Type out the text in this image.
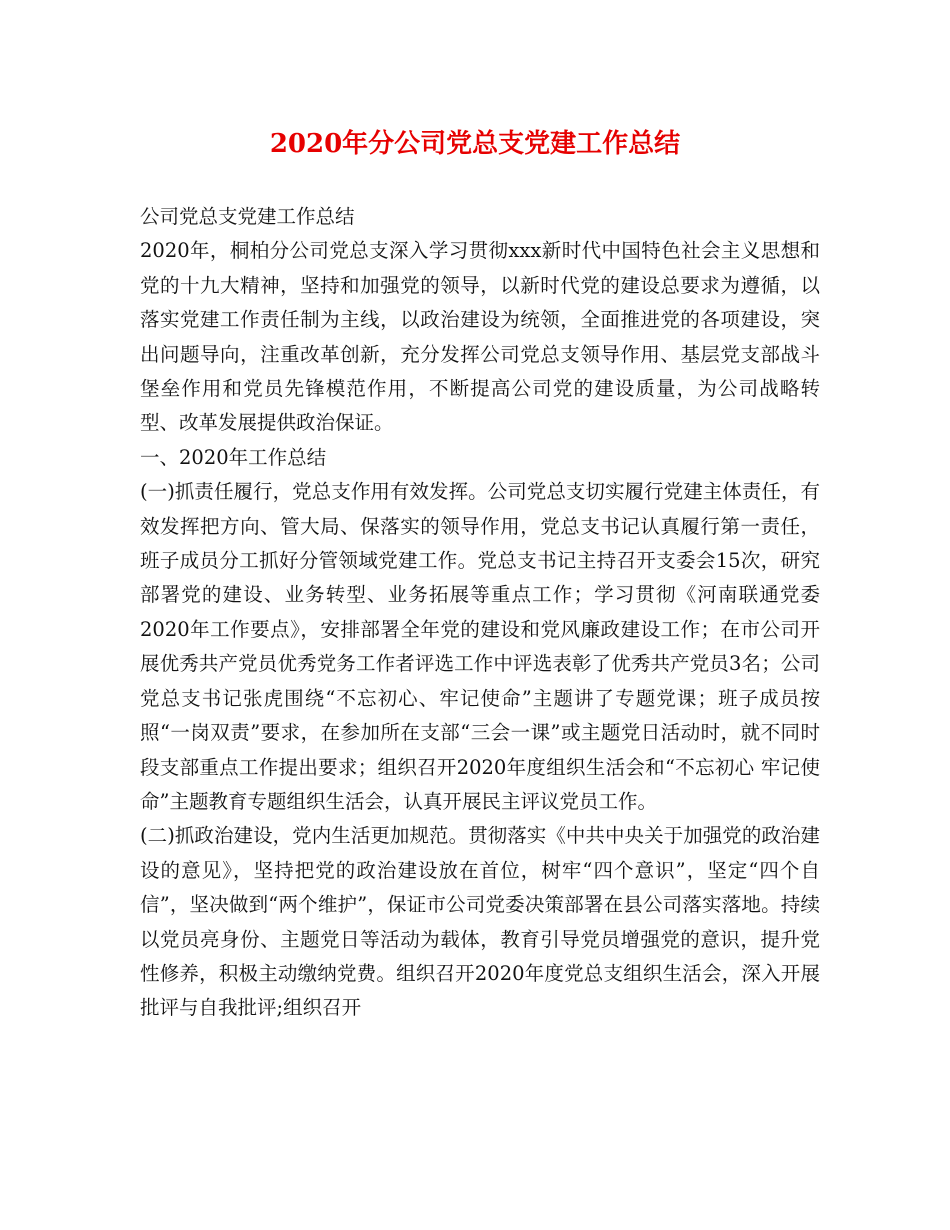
2020年分公司党总支党建工作总结

公司党总支党建工作总结

2020年，桐柏分公司党总支深入学习贯彻xxx新时代中国特色社会主义思想和党的十九大精神，坚持和加强党的领导，以新时代党的建设总要求为遵循，以落实党建工作责任制为主线，以政治建设为统领，全面推进党的各项建设，突出问题导向，注重改革创新，充分发挥公司党总支领导作用、基层党支部战斗堡垒作用和党员先锋模范作用，不断提高公司党的建设质量，为公司战略转型、改革发展提供政治保证。

一、2020年工作总结

(一)抓责任履行，党总支作用有效发挥。公司党总支切实履行党建主体责任，有效发挥把方向、管大局、保落实的领导作用，党总支书记认真履行第一责任，班子成员分工抓好分管领域党建工作。党总支书记主持召开支委会15次，研究部署党的建设、业务转型、业务拓展等重点工作；学习贯彻《河南联通党委2020年工作要点》，安排部署全年党的建设和党风廉政建设工作；在市公司开展优秀共产党员优秀党务工作者评选工作中评选表彰了优秀共产党员3名；公司党总支书记张虎围绕“不忘初心、牢记使命”主题讲了专题党课；班子成员按照“一岗双责”要求，在参加所在支部“三会一课”或主题党日活动时，就不同时段支部重点工作提出要求；组织召开2020年度组织生活会和“不忘初心 牢记使命”主题教育专题组织生活会，认真开展民主评议党员工作。

(二)抓政治建设，党内生活更加规范。贯彻落实《中共中央关于加强党的政治建设的意见》，坚持把党的政治建设放在首位，树牢“四个意识”，坚定“四个自信”，坚决做到“两个维护”，保证市公司党委决策部署在县公司落实落地。持续以党员亮身份、主题党日等活动为载体，教育引导党员增强党的意识，提升党性修养，积极主动缴纳党费。组织召开2020年度党总支组织生活会，深入开展批评与自我批评;组织召开
